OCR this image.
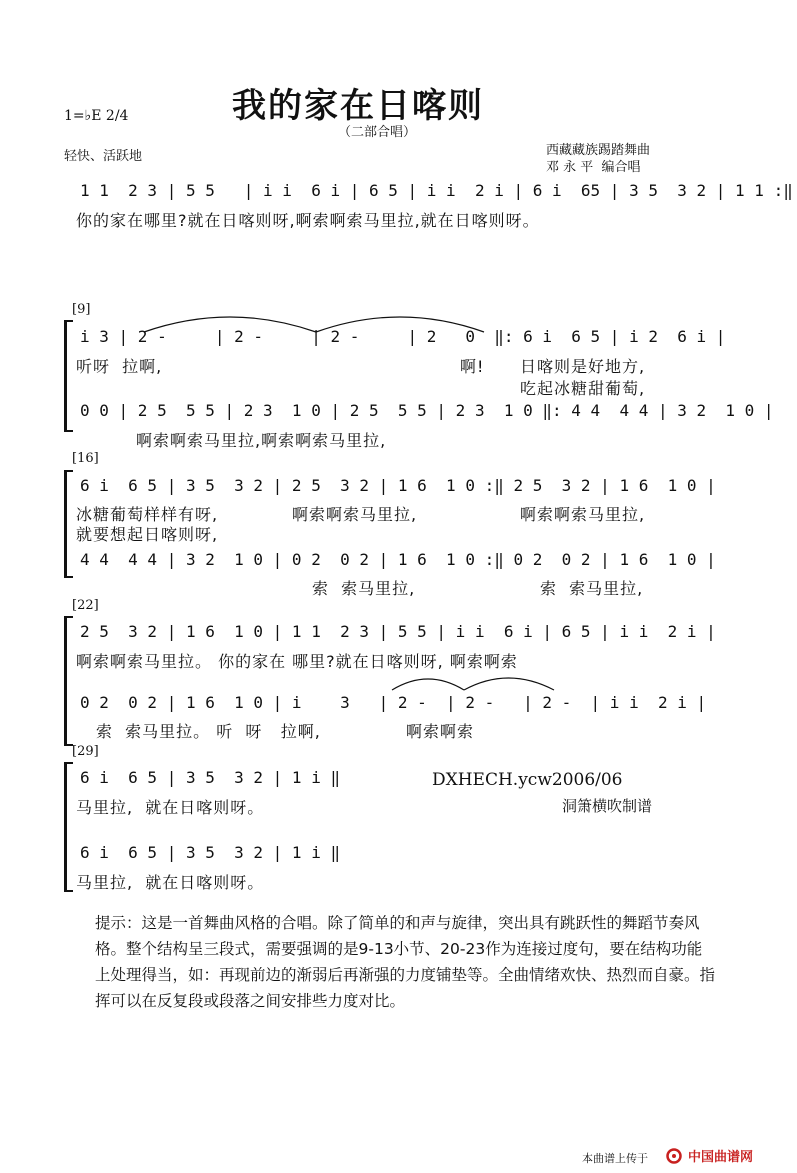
1=♭E 2/4	我的家在日喀则
（二部合唱）
轻快、活跃地	西藏藏族踢踏舞曲
邓 永 平  编合唱
1 1  2 3 | 5 5   | i i  6 i | 6 5 | i i  2 i | 6 i  65 | 3 5  3 2 | 1 1 :‖
你的家在哪里?就在日喀则呀,啊索啊索马里拉,就在日喀则呀。
[9]
i 3 | 2 -     | 2 -     | 2 -     | 2   0  ‖: 6 i  6 5 | i 2  6 i |
听呀  拉啊,	啊! 日喀则是好地方,
吃起冰糖甜葡萄,
0 0 | 2 5  5 5 | 2 3  1 0 | 2 5  5 5 | 2 3  1 0 ‖: 4 4  4 4 | 3 2  1 0 |
啊索啊索马里拉,啊索啊索马里拉,
[16]
6 i  6 5 | 3 5  3 2 | 2 5  3 2 | 1 6  1 0 :‖ 2 5  3 2 | 1 6  1 0 |
冰糖葡萄样样有呀,
就要想起日喀则呀,
啊索啊索马里拉,	啊索啊索马里拉,
4 4  4 4 | 3 2  1 0 | 0 2  0 2 | 1 6  1 0 :‖ 0 2  0 2 | 1 6  1 0 |
索  索马里拉,	索  索马里拉,
[22]
2 5  3 2 | 1 6  1 0 | 1 1  2 3 | 5 5 | i i  6 i | 6 5 | i i  2 i |
啊索啊索马里拉。 你的家在 哪里?就在日喀则呀, 啊索啊索
0 2  0 2 | 1 6  1 0 | i    3   | 2 -  | 2 -   | 2 -  | i i  2 i |
索  索马里拉。 听  呀   拉啊,              啊索啊索
[29]
6 i  6 5 | 3 5  3 2 | 1 i ‖
马里拉,  就在日喀则呀。
6 i  6 5 | 3 5  3 2 | 1 i ‖
马里拉,  就在日喀则呀。
DXHECH.ycw2006/06
洞箫横吹制谱
提示：这是一首舞曲风格的合唱。除了简单的和声与旋律，突出具有跳跃性的舞蹈节奏风格。整个结构呈三段式，需要强调的是9-13小节、20-23作为连接过度句，要在结构功能上处理得当，如：再现前边的渐弱后再渐强的力度铺垫等。全曲情绪欢快、热烈而自豪。指挥可以在反复段或段落之间安排些力度对比。
本曲谱上传于	中国曲谱网
